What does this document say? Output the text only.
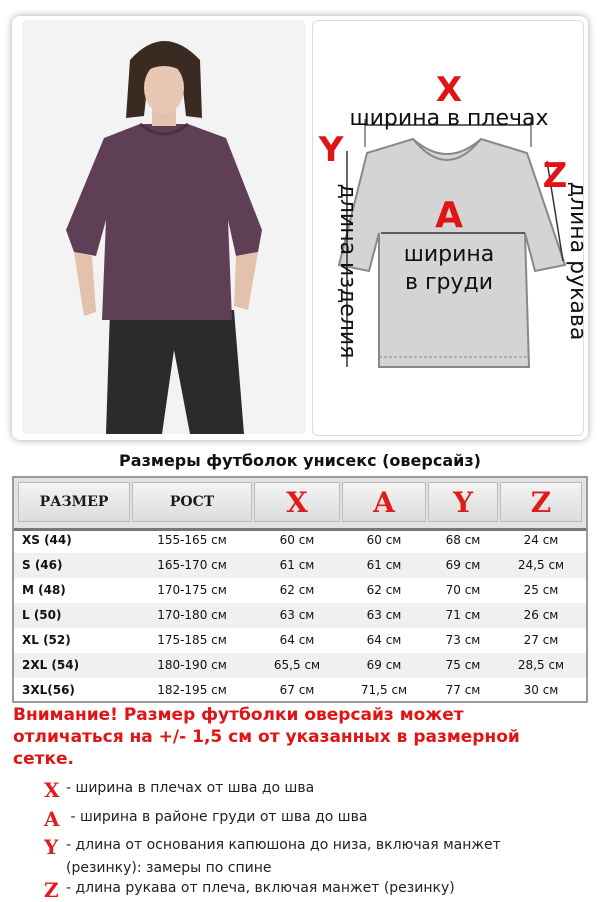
X
ширина в плечах
A
ширина
в груди
Y
длина изделия
Z
длина рукава
Размеры футболок унисекс (оверсайз)
РАЗМЕР	РОСТ	X	A	Y	Z
XS (44)	155-165 см	60 см	60 см	68 см	24 см
S (46)	165-170 см	61 см	61 см	69 см	24,5 см
M (48)	170-175 см	62 см	62 см	70 см	25 см
L (50)	170-180 см	63 см	63 см	71 см	26 см
XL (52)	175-185 см	64 см	64 см	73 см	27 см
2XL (54)	180-190 см	65,5 см	69 см	75 см	28,5 см
3XL(56)	182-195 см	67 см	71,5 см	77 см	30 см
Внимание! Размер футболки оверсайз может отличаться на +/- 1,5 см от указанных в размерной сетке.
X - ширина в плечах от шва до шва
A - ширина в районе груди от шва до шва
Y - длина от основания капюшона до низа, включая манжет
(резинку): замеры по спине
Z - длина рукава от плеча, включая манжет (резинку)
